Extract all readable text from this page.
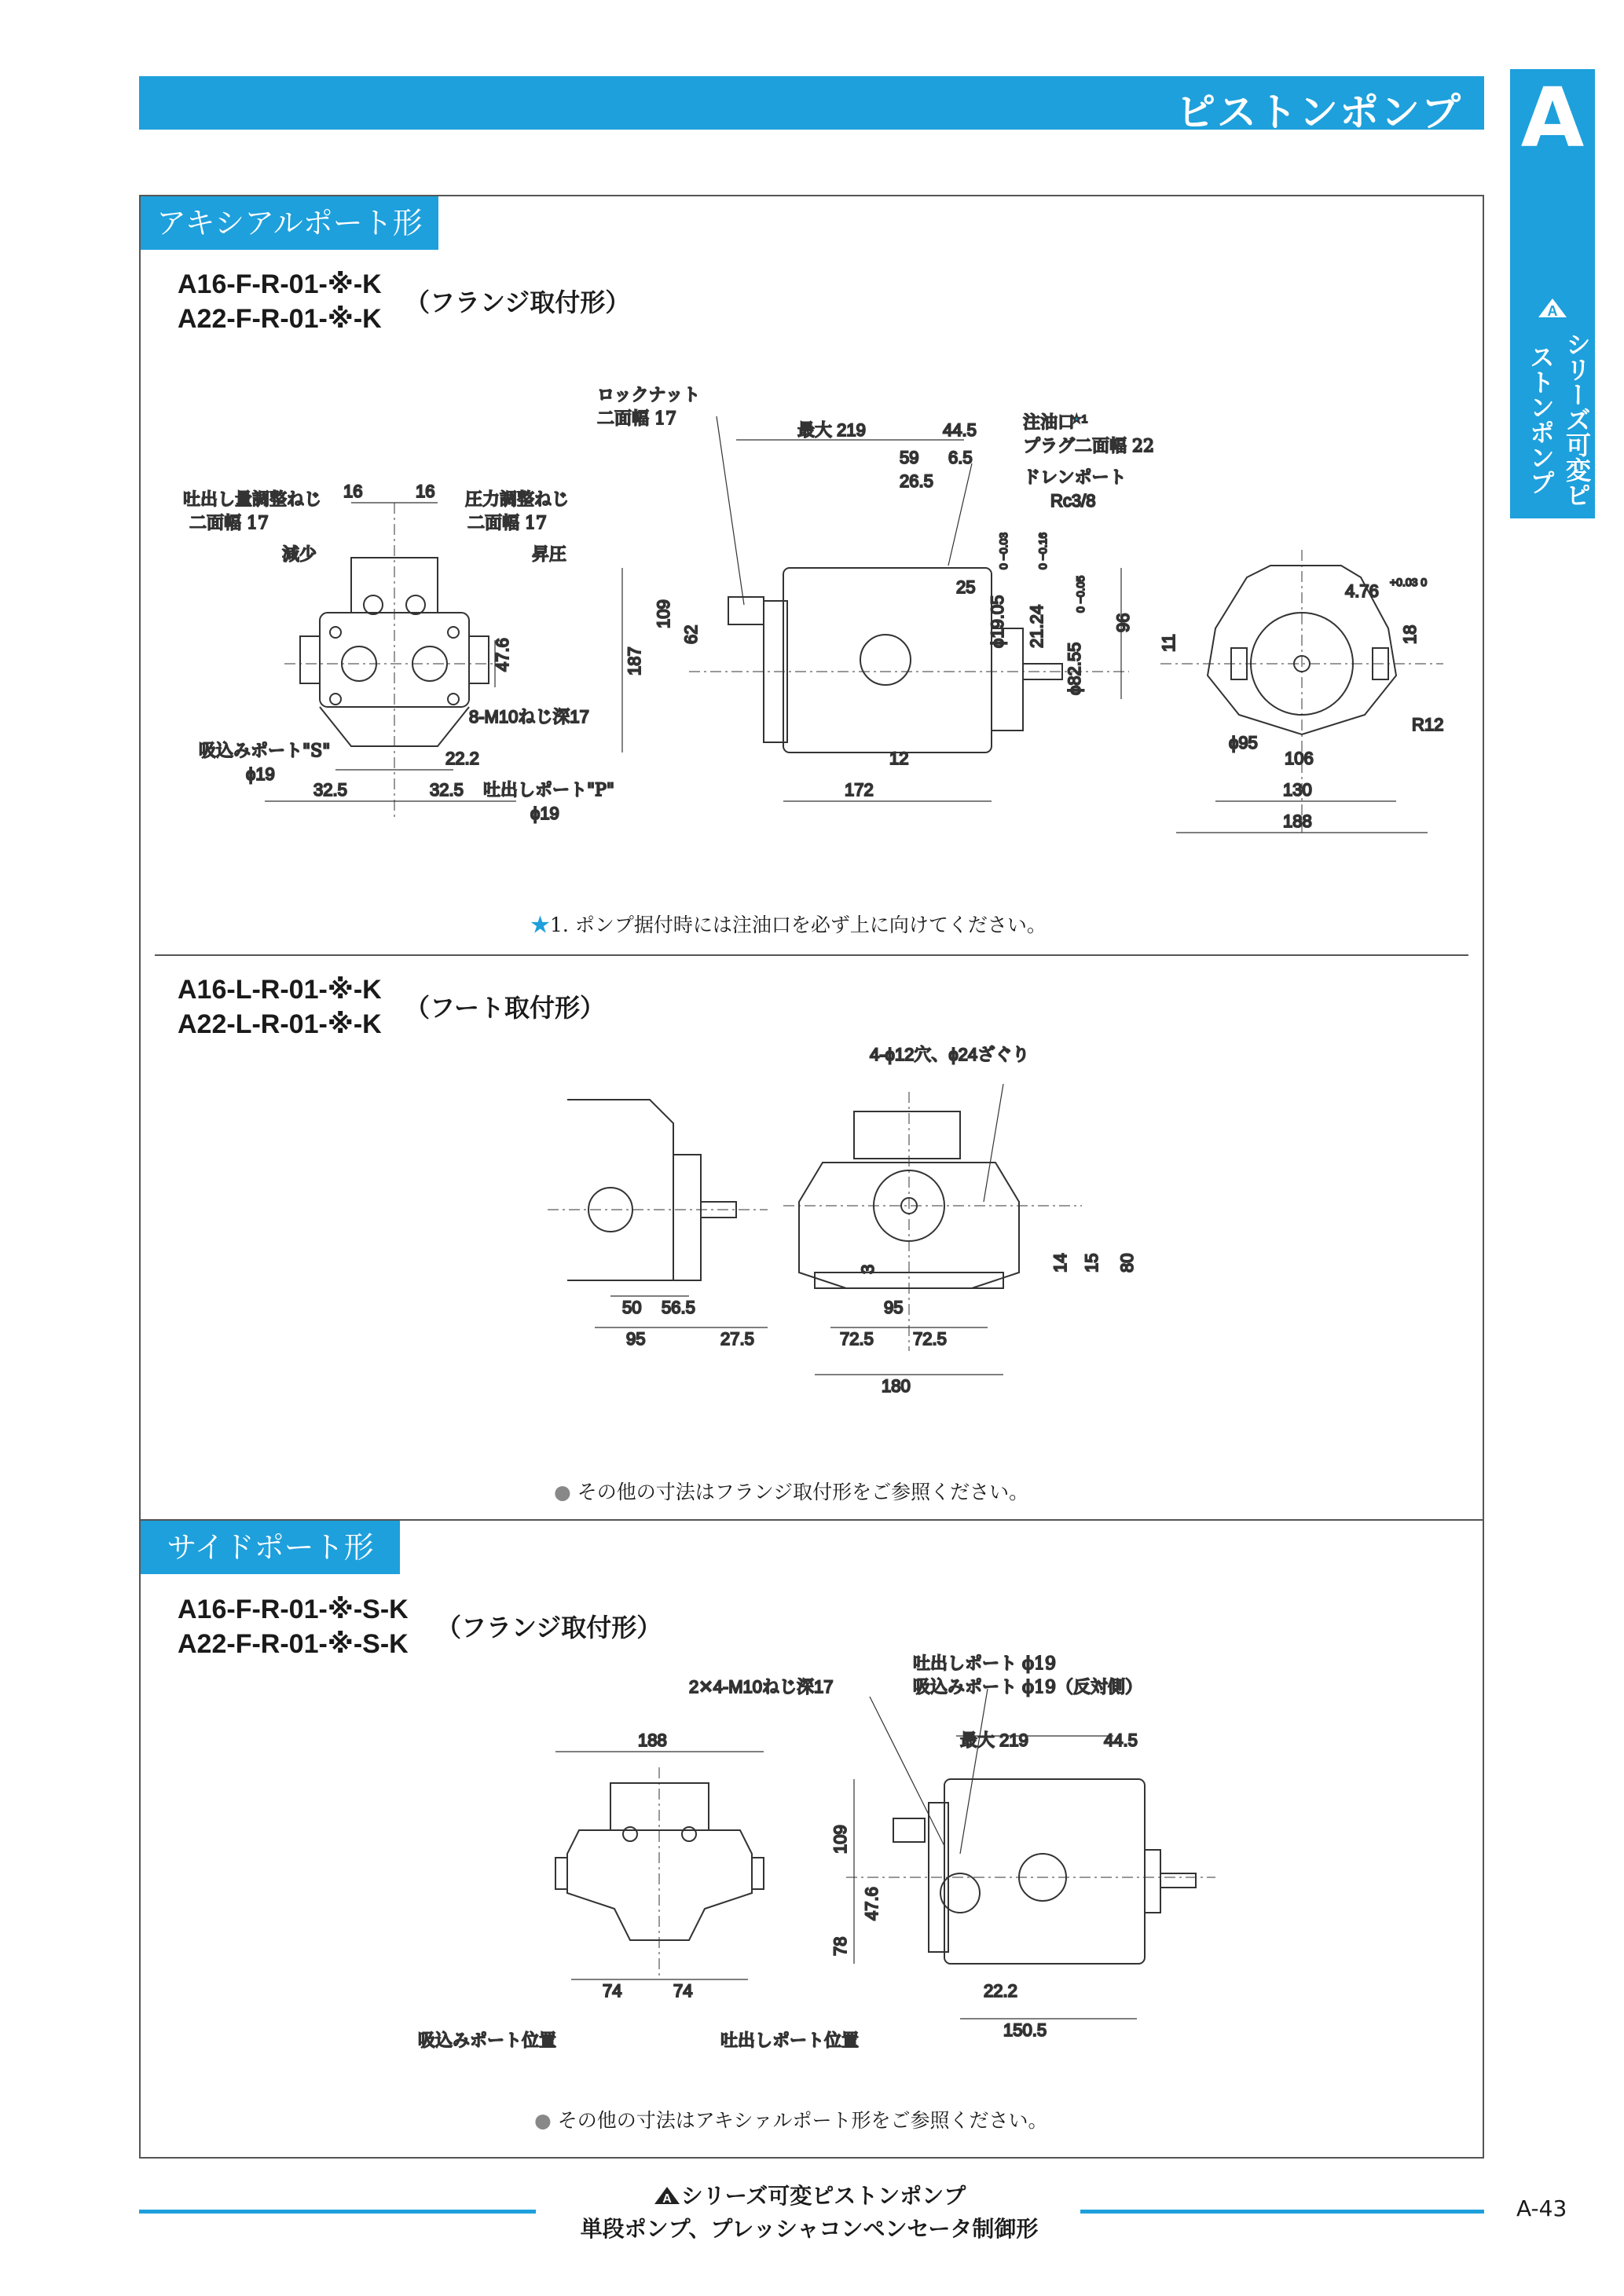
ピストンポンプ A
A
シリーズ可変ピストンポンプ
アキシアルポート形
A16-F-R-01-※-K
A22-F-R-01-※-K
（フランジ取付形）
吐出し量調整ねじ
二面幅 17
減少
圧力調整ねじ
二面幅 17
昇圧
16	16
47.6
8-M10ねじ深17
吸込みポート"S"
ϕ19
22.2
32.5	32.5 吐出しポート"P"
ϕ19
ロックナット
二面幅 17
最大 219	44.5	注油口
★1
プラグ二面幅 22
ドレンポート
Rc3/8
59 6.5
26.5
25
187
109
62	ϕ19.05
0 −0.03
21.24
0 −0.16
ϕ82.55
0 −0.05
96
12
172
4.76 +0.03 0
11	18
R12
ϕ95
106
130
188
★1. ポンプ据付時には注油口を必ず上に向けてください。
A16-L-R-01-※-K
A22-L-R-01-※-K
（フート取付形）
50 56.5
95	27.5
4-ϕ12穴、ϕ24ざぐり
3
95
72.5 72.5
180
14 15 80
● その他の寸法はフランジ取付形をご参照ください。
サイドポート形
A16-F-R-01-※-S-K
A22-F-R-01-※-S-K
（フランジ取付形）
188
74	74
吸込みポート位置	吐出しポート位置
2✕4-M10ねじ深17
吐出しポート ϕ19
吸込みポート ϕ19（反対側）
最大 219	44.5
109
47.6
78
22.2
150.5
● その他の寸法はアキシァルポート形をご参照ください。
A シリーズ可変ピストンポンプ
単段ポンプ、プレッシャコンペンセータ制御形
A-43
